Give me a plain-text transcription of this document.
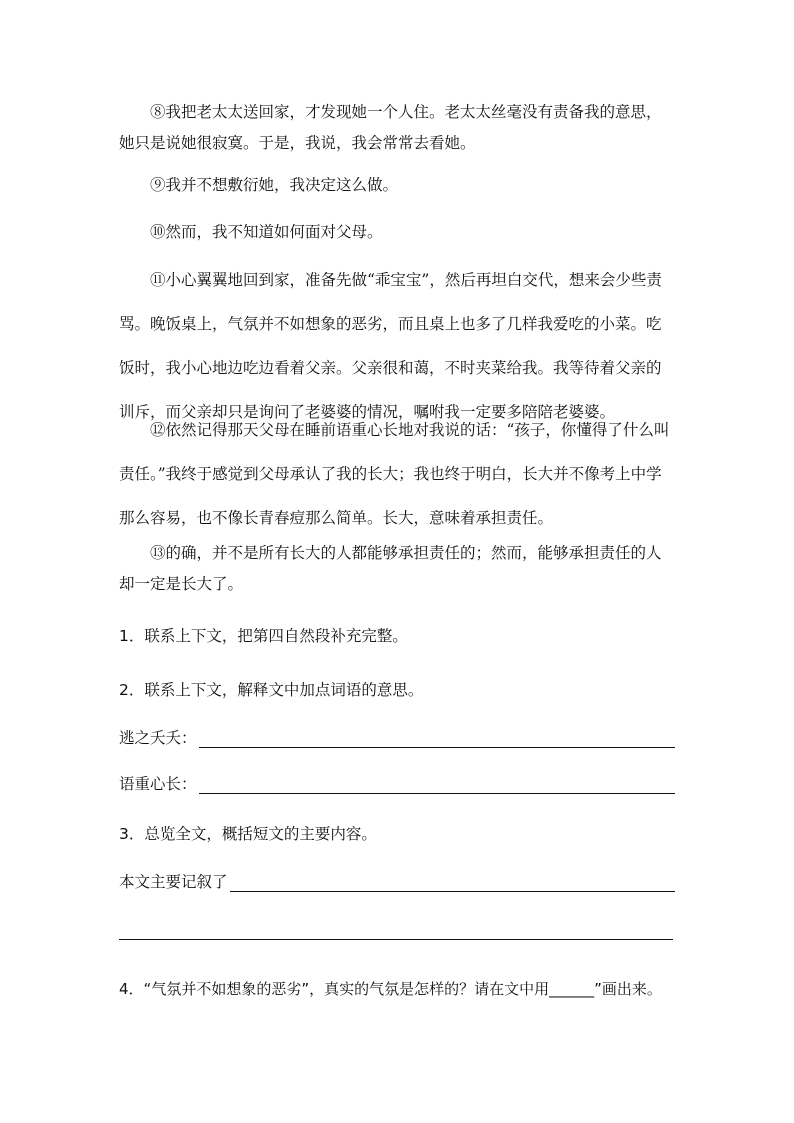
⑧我把老太太送回家，才发现她一个人住。老太太丝毫没有责备我的意思，她只是说她很寂寞。于是，我说，我会常常去看她。

⑨我并不想敷衍她，我决定这么做。

⑩然而，我不知道如何面对父母。

⑪小心翼翼地回到家，准备先做“乖宝宝”，然后再坦白交代，想来会少些责骂。晚饭桌上，气氛并不如想象的恶劣，而且桌上也多了几样我爱吃的小菜。吃饭时，我小心地边吃边看着父亲。父亲很和蔼，不时夹菜给我。我等待着父亲的训斥，而父亲却只是询问了老婆婆的情况，嘱咐我一定要多陪陪老婆婆。

⑫依然记得那天父母在睡前语重心长地对我说的话：“孩子，你懂得了什么叫责任。”我终于感觉到父母承认了我的长大；我也终于明白，长大并不像考上中学那么容易，也不像长青春痘那么简单。长大，意味着承担责任。

⑬的确，并不是所有长大的人都能够承担责任的；然而，能够承担责任的人却一定是长大了。

1．联系上下文，把第四自然段补充完整。

2．联系上下文，解释文中加点词语的意思。

逃之夭夭：
语重心长：

3．总览全文，概括短文的主要内容。

本文主要记叙了

4．“气氛并不如想象的恶劣”，真实的气氛是怎样的？请在文中用______”画出来。
